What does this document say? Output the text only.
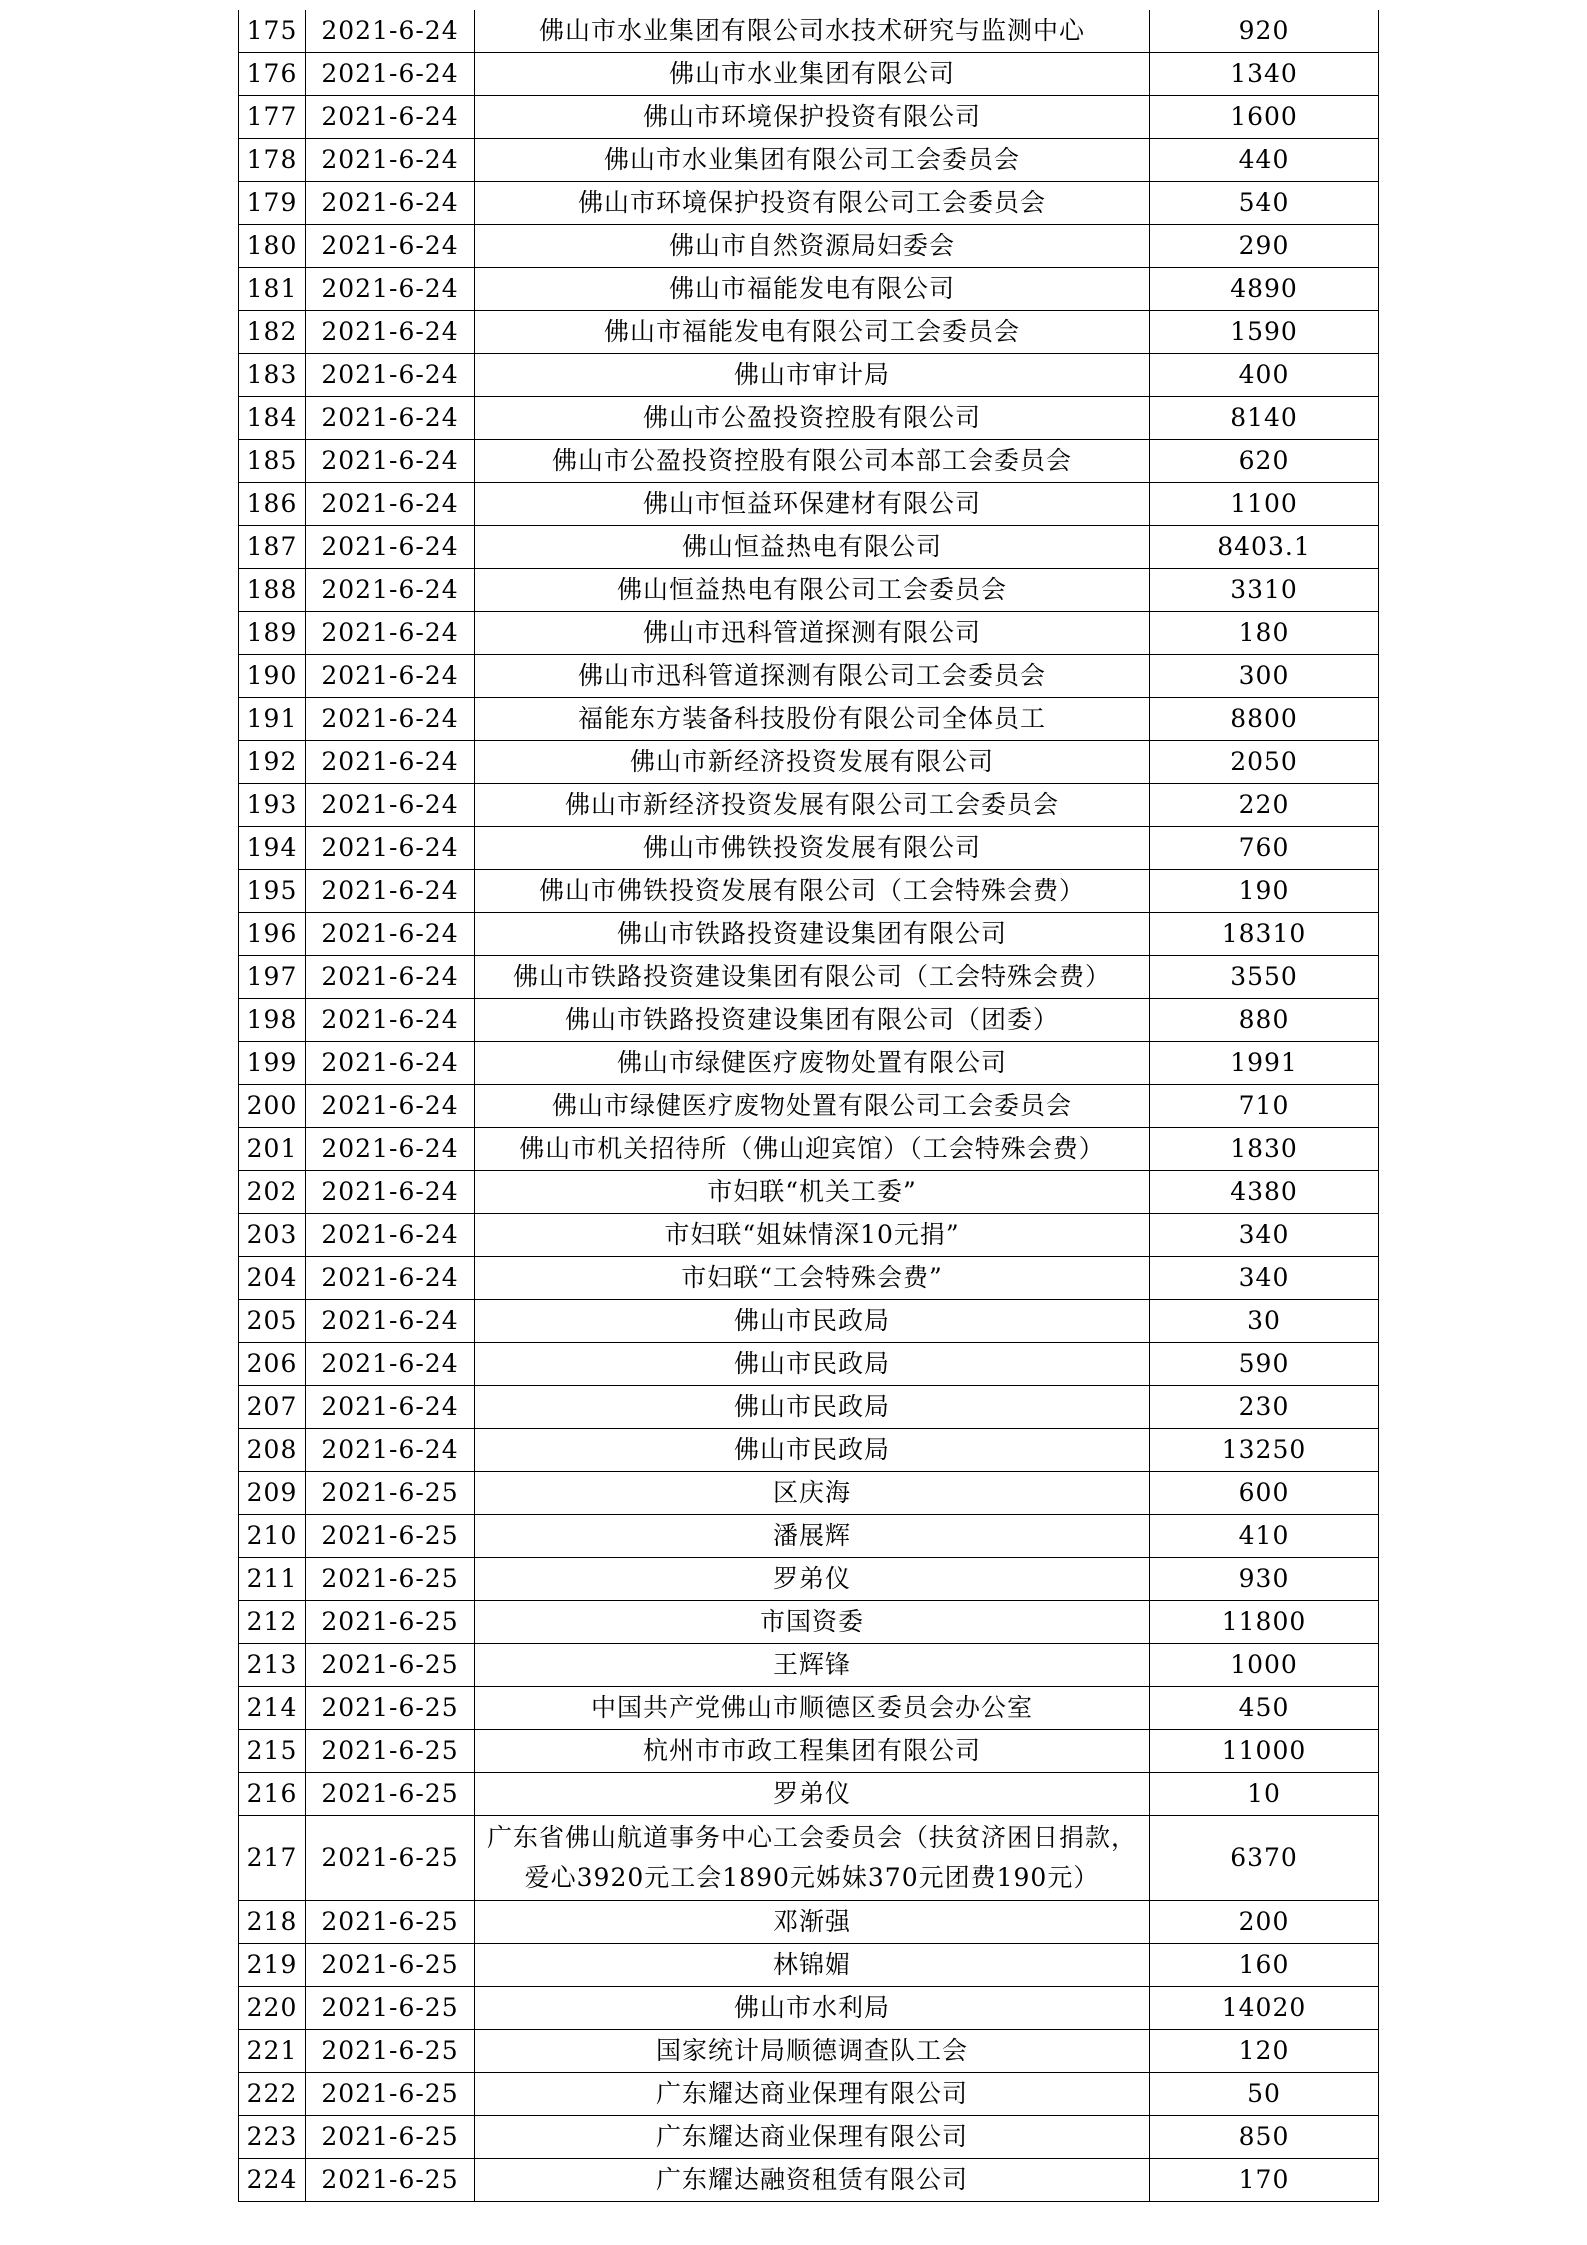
175	2021-6-24	佛山市水业集团有限公司水技术研究与监测中心	920
176	2021-6-24	佛山市水业集团有限公司	1340
177	2021-6-24	佛山市环境保护投资有限公司	1600
178	2021-6-24	佛山市水业集团有限公司工会委员会	440
179	2021-6-24	佛山市环境保护投资有限公司工会委员会	540
180	2021-6-24	佛山市自然资源局妇委会	290
181	2021-6-24	佛山市福能发电有限公司	4890
182	2021-6-24	佛山市福能发电有限公司工会委员会	1590
183	2021-6-24	佛山市审计局	400
184	2021-6-24	佛山市公盈投资控股有限公司	8140
185	2021-6-24	佛山市公盈投资控股有限公司本部工会委员会	620
186	2021-6-24	佛山市恒益环保建材有限公司	1100
187	2021-6-24	佛山恒益热电有限公司	8403.1
188	2021-6-24	佛山恒益热电有限公司工会委员会	3310
189	2021-6-24	佛山市迅科管道探测有限公司	180
190	2021-6-24	佛山市迅科管道探测有限公司工会委员会	300
191	2021-6-24	福能东方装备科技股份有限公司全体员工	8800
192	2021-6-24	佛山市新经济投资发展有限公司	2050
193	2021-6-24	佛山市新经济投资发展有限公司工会委员会	220
194	2021-6-24	佛山市佛铁投资发展有限公司	760
195	2021-6-24	佛山市佛铁投资发展有限公司（工会特殊会费）	190
196	2021-6-24	佛山市铁路投资建设集团有限公司	18310
197	2021-6-24	佛山市铁路投资建设集团有限公司（工会特殊会费）	3550
198	2021-6-24	佛山市铁路投资建设集团有限公司（团委）	880
199	2021-6-24	佛山市绿健医疗废物处置有限公司	1991
200	2021-6-24	佛山市绿健医疗废物处置有限公司工会委员会	710
201	2021-6-24	佛山市机关招待所（佛山迎宾馆）（工会特殊会费）	1830
202	2021-6-24	市妇联“机关工委”	4380
203	2021-6-24	市妇联“姐妹情深10元捐”	340
204	2021-6-24	市妇联“工会特殊会费”	340
205	2021-6-24	佛山市民政局	30
206	2021-6-24	佛山市民政局	590
207	2021-6-24	佛山市民政局	230
208	2021-6-24	佛山市民政局	13250
209	2021-6-25	区庆海	600
210	2021-6-25	潘展辉	410
211	2021-6-25	罗弟仪	930
212	2021-6-25	市国资委	11800
213	2021-6-25	王辉锋	1000
214	2021-6-25	中国共产党佛山市顺德区委员会办公室	450
215	2021-6-25	杭州市市政工程集团有限公司	11000
216	2021-6-25	罗弟仪	10
217	2021-6-25	广东省佛山航道事务中心工会委员会（扶贫济困日捐款，爱心3920元工会1890元姊妹370元团费190元）	6370
218	2021-6-25	邓渐强	200
219	2021-6-25	林锦媚	160
220	2021-6-25	佛山市水利局	14020
221	2021-6-25	国家统计局顺德调查队工会	120
222	2021-6-25	广东耀达商业保理有限公司	50
223	2021-6-25	广东耀达商业保理有限公司	850
224	2021-6-25	广东耀达融资租赁有限公司	170
